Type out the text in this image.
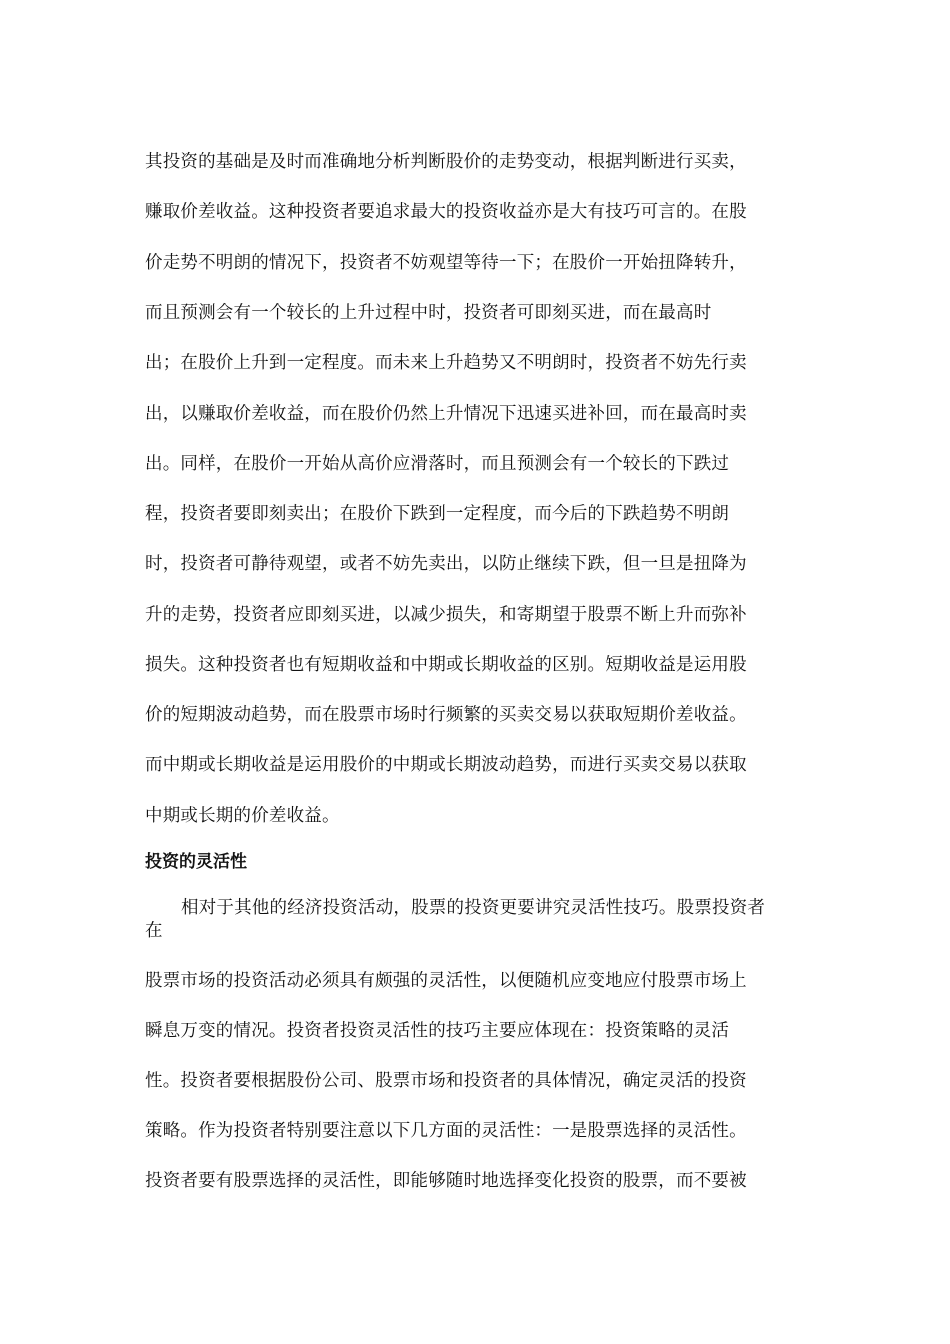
其投资的基础是及时而准确地分析判断股价的走势变动，根据判断进行买卖，
赚取价差收益。这种投资者要追求最大的投资收益亦是大有技巧可言的。在股
价走势不明朗的情况下，投资者不妨观望等待一下；在股价一开始扭降转升，
而且预测会有一个较长的上升过程中时，投资者可即刻买进，而在最高时
出；在股价上升到一定程度。而未来上升趋势又不明朗时，投资者不妨先行卖
出，以赚取价差收益，而在股价仍然上升情况下迅速买进补回，而在最高时卖
出。同样，在股价一开始从高价应滑落时，而且预测会有一个较长的下跌过
程，投资者要即刻卖出；在股价下跌到一定程度，而今后的下跌趋势不明朗
时，投资者可静待观望，或者不妨先卖出，以防止继续下跌，但一旦是扭降为
升的走势，投资者应即刻买进，以减少损失，和寄期望于股票不断上升而弥补
损失。这种投资者也有短期收益和中期或长期收益的区别。短期收益是运用股
价的短期波动趋势，而在股票市场时行频繁的买卖交易以获取短期价差收益。
而中期或长期收益是运用股价的中期或长期波动趋势，而进行买卖交易以获取
中期或长期的价差收益。
投资的灵活性
相对于其他的经济投资活动，股票的投资更要讲究灵活性技巧。股票投资者
在
股票市场的投资活动必须具有颇强的灵活性，以便随机应变地应付股票市场上
瞬息万变的情况。投资者投资灵活性的技巧主要应体现在：投资策略的灵活
性。投资者要根据股份公司、股票市场和投资者的具体情况，确定灵活的投资
策略。作为投资者特别要注意以下几方面的灵活性：一是股票选择的灵活性。
投资者要有股票选择的灵活性，即能够随时地选择变化投资的股票，而不要被
